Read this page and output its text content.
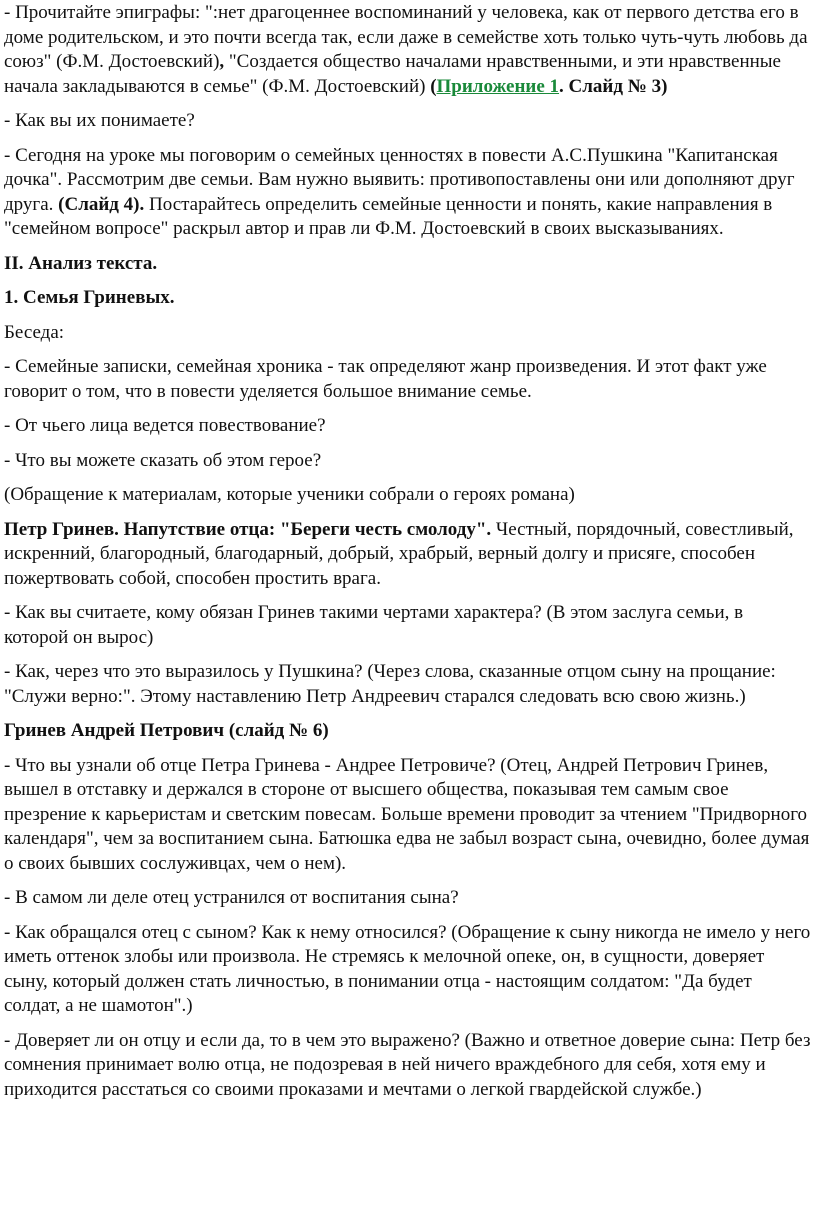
- Прочитайте эпиграфы: ":нет драгоценнее воспоминаний у человека, как от первого детства его в доме родительском, и это почти всегда так, если даже в семействе хоть только чуть-чуть любовь да союз" (Ф.М. Достоевский), "Создается общество началами нравственными, и эти нравственные начала закладываются в семье" (Ф.М. Достоевский) (Приложение 1. Слайд № 3)

- Как вы их понимаете?

- Сегодня на уроке мы поговорим о семейных ценностях в повести А.С.Пушкина "Капитанская дочка". Рассмотрим две семьи. Вам нужно выявить: противопоставлены они или дополняют друг друга. (Слайд 4). Постарайтесь определить семейные ценности и понять, какие направления в "семейном вопросе" раскрыл автор и прав ли Ф.М. Достоевский в своих высказываниях.

II. Анализ текста.

1. Семья Гриневых.

Беседа:

- Семейные записки, семейная хроника - так определяют жанр произведения. И этот факт уже говорит о том, что в повести уделяется большое внимание семье.

- От чьего лица ведется повествование?

- Что вы можете сказать об этом герое?

(Обращение к материалам, которые ученики собрали о героях романа)

Петр Гринев. Напутствие отца: "Береги честь смолоду". Честный, порядочный, совестливый, искренний, благородный, благодарный, добрый, храбрый, верный долгу и присяге, способен пожертвовать собой, способен простить врага.

- Как вы считаете, кому обязан Гринев такими чертами характера? (В этом заслуга семьи, в которой он вырос)

- Как, через что это выразилось у Пушкина? (Через слова, сказанные отцом сыну на прощание: "Служи верно:". Этому наставлению Петр Андреевич старался следовать всю свою жизнь.)

Гринев Андрей Петрович (слайд № 6)

- Что вы узнали об отце Петра Гринева - Андрее Петровиче? (Отец, Андрей Петрович Гринев, вышел в отставку и держался в стороне от высшего общества, показывая тем самым свое презрение к карьеристам и светским повесам. Больше времени проводит за чтением "Придворного календаря", чем за воспитанием сына. Батюшка едва не забыл возраст сына, очевидно, более думая о своих бывших сослуживцах, чем о нем).

- В самом ли деле отец устранился от воспитания сына?

- Как обращался отец с сыном? Как к нему относился? (Обращение к сыну никогда не имело у него иметь оттенок злобы или произвола. Не стремясь к мелочной опеке, он, в сущности, доверяет сыну, который должен стать личностью, в понимании отца - настоящим солдатом: "Да будет солдат, а не шамотон".)

- Доверяет ли он отцу и если да, то в чем это выражено? (Важно и ответное доверие сына: Петр без сомнения принимает волю отца, не подозревая в ней ничего враждебного для себя, хотя ему и приходится расстаться со своими проказами и мечтами о легкой гвардейской службе.)
